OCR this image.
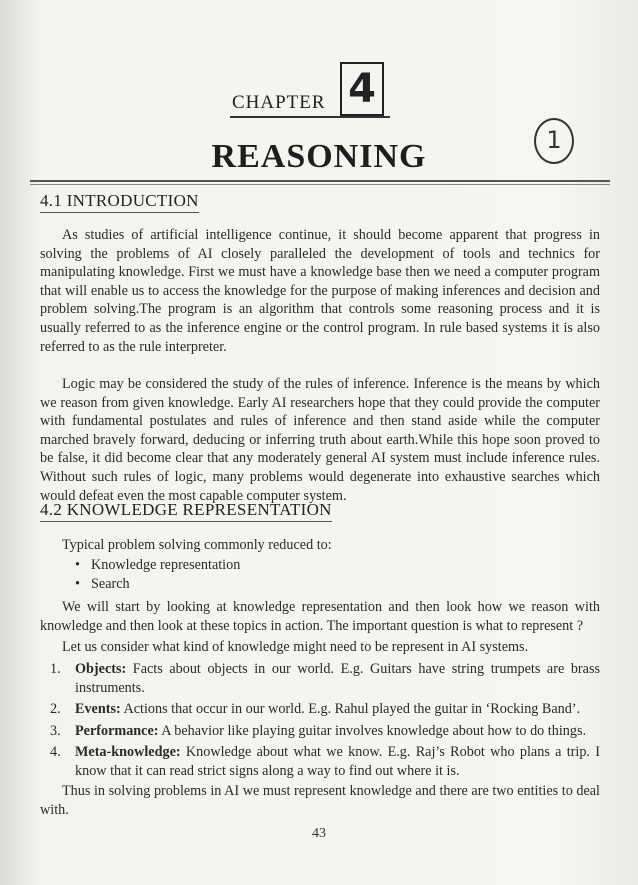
CHAPTER 4
1
REASONING
4.1 INTRODUCTION

As studies of artificial intelligence continue, it should become apparent that progress in solving the problems of AI closely paralleled the development of tools and technics for manipulating knowledge. First we must have a knowledge base then we need a computer program that will enable us to access the knowledge for the purpose of making inferences and decision and problem solving.The program is an algorithm that controls some reasoning process and it is usually referred to as the inference engine or the control program. In rule based systems it is also referred to as the rule interpreter.

Logic may be considered the study of the rules of inference. Inference is the means by which we reason from given knowledge. Early AI researchers hope that they could provide the computer with fundamental postulates and rules of inference and then stand aside while the computer marched bravely forward, deducing or inferring truth about earth.While this hope soon proved to be false, it did become clear that any moderately general AI system must include inference rules. Without such rules of logic, many problems would degenerate into exhaustive searches which would defeat even the most capable computer system.

4.2 KNOWLEDGE REPRESENTATION

Typical problem solving commonly reduced to:

• Knowledge representation
• Search

We will start by looking at knowledge representation and then look how we reason with knowledge and then look at these topics in action. The important question is what to represent ?

Let us consider what kind of knowledge might need to be represent in AI systems.

1. Objects: Facts about objects in our world. E.g. Guitars have string trumpets are brass instruments.
2. Events: Actions that occur in our world. E.g. Rahul played the guitar in ‘Rocking Band’.
3. Performance: A behavior like playing guitar involves knowledge about how to do things.
4. Meta-knowledge: Knowledge about what we know. E.g. Raj’s Robot who plans a trip. I know that it can read strict signs along a way to find out where it is.

Thus in solving problems in AI we must represent knowledge and there are two entities to deal with.

43
